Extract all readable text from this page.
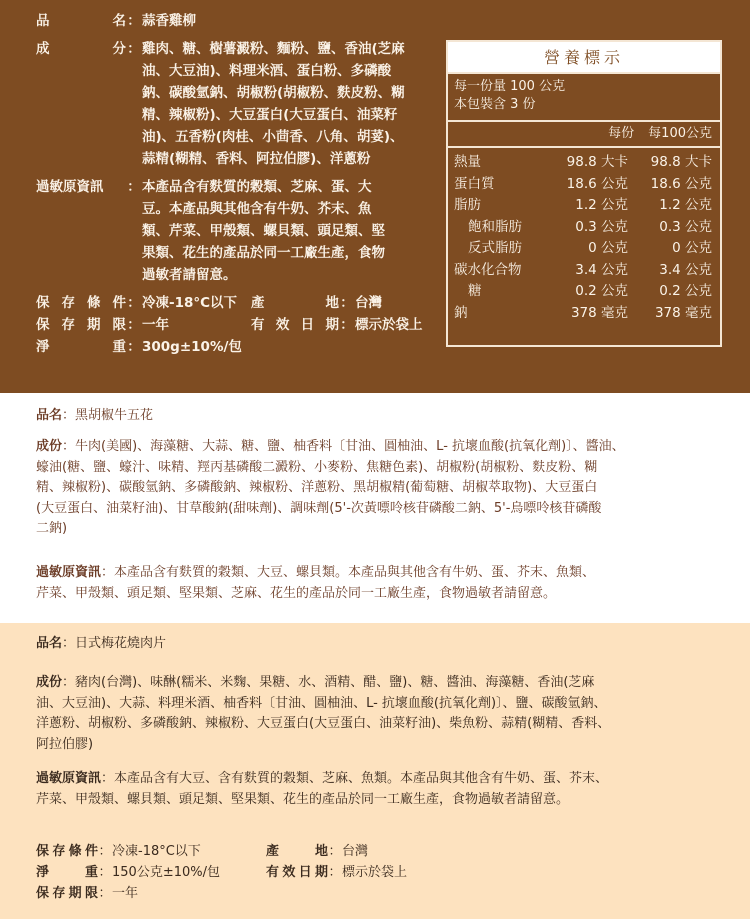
品	名 ： 蒜香雞柳
成	分 ： 雞肉、糖、樹薯澱粉、麵粉、鹽、香油(芝麻
油、大豆油)、料理米酒、蛋白粉、多磷酸
鈉、碳酸氫鈉、胡椒粉(胡椒粉、麩皮粉、糊
精、辣椒粉)、大豆蛋白(大豆蛋白、油菜籽
油)、五香粉(肉桂、小茴香、八角、胡荽)、
蒜精(糊精、香料、阿拉伯膠)、洋蔥粉
過敏原資訊	： 本產品含有麩質的穀類、芝麻、蛋、大
豆。本產品與其他含有牛奶、芥末、魚
類、芹菜、甲殼類、螺貝類、頭足類、堅
果類、花生的產品於同一工廠生產，食物
過敏者請留意。
保 存 條 件 ： 冷凍-18°C以下 產	地 ： 台灣
保 存 期 限 ： 一年	有 效 日 期 ： 標示於袋上
淨	重 ： 300g±10%/包
營養標示
每一份量 100 公克
本包裝含 3 份
每份 每100公克
熱量	98.8 大卡	98.8 大卡
蛋白質	18.6 公克	18.6 公克
脂肪	1.2 公克	1.2 公克
飽和脂肪	0.3 公克	0.3 公克
反式脂肪	0 公克	0 公克
碳水化合物	3.4 公克	3.4 公克
糖	0.2 公克	0.2 公克
鈉	378 毫克	378 毫克
品名：黑胡椒牛五花
成份：牛肉(美國)、海藻糖、大蒜、糖、鹽、柚香料〔甘油、圓柚油、L- 抗壞血酸(抗氧化劑)〕、醬油、
蠔油(糖、鹽、蠔汁、味精、羥丙基磷酸二澱粉、小麥粉、焦糖色素)、胡椒粉(胡椒粉、麩皮粉、糊
精、辣椒粉)、碳酸氫鈉、多磷酸鈉、辣椒粉、洋蔥粉、黑胡椒精(葡萄糖、胡椒萃取物)、大豆蛋白
(大豆蛋白、油菜籽油)、甘草酸鈉(甜味劑)、調味劑(5'-次黃嘌呤核苷磷酸二鈉、5'-烏嘌呤核苷磷酸
二鈉)
過敏原資訊：本產品含有麩質的穀類、大豆、螺貝類。本產品與其他含有牛奶、蛋、芥末、魚類、
芹菜、甲殼類、頭足類、堅果類、芝麻、花生的產品於同一工廠生產，食物過敏者請留意。
品名：日式梅花燒肉片
成份：豬肉(台灣)、味醂(糯米、米麴、果糖、水、酒精、醋、鹽)、糖、醬油、海藻糖、香油(芝麻
油、大豆油)、大蒜、料理米酒、柚香料〔甘油、圓柚油、L- 抗壞血酸(抗氧化劑)〕、鹽、碳酸氫鈉、
洋蔥粉、胡椒粉、多磷酸鈉、辣椒粉、大豆蛋白(大豆蛋白、油菜籽油)、柴魚粉、蒜精(糊精、香料、
阿拉伯膠)
過敏原資訊：本產品含有大豆、含有麩質的穀類、芝麻、魚類。本產品與其他含有牛奶、蛋、芥末、
芹菜、甲殼類、螺貝類、頭足類、堅果類、花生的產品於同一工廠生產，食物過敏者請留意。
保 存 條 件 ： 冷凍-18°C以下	產	地 ： 台灣
淨	重 ： 150公克±10%/包	有 效 日 期 ： 標示於袋上
保 存 期 限 ： 一年
